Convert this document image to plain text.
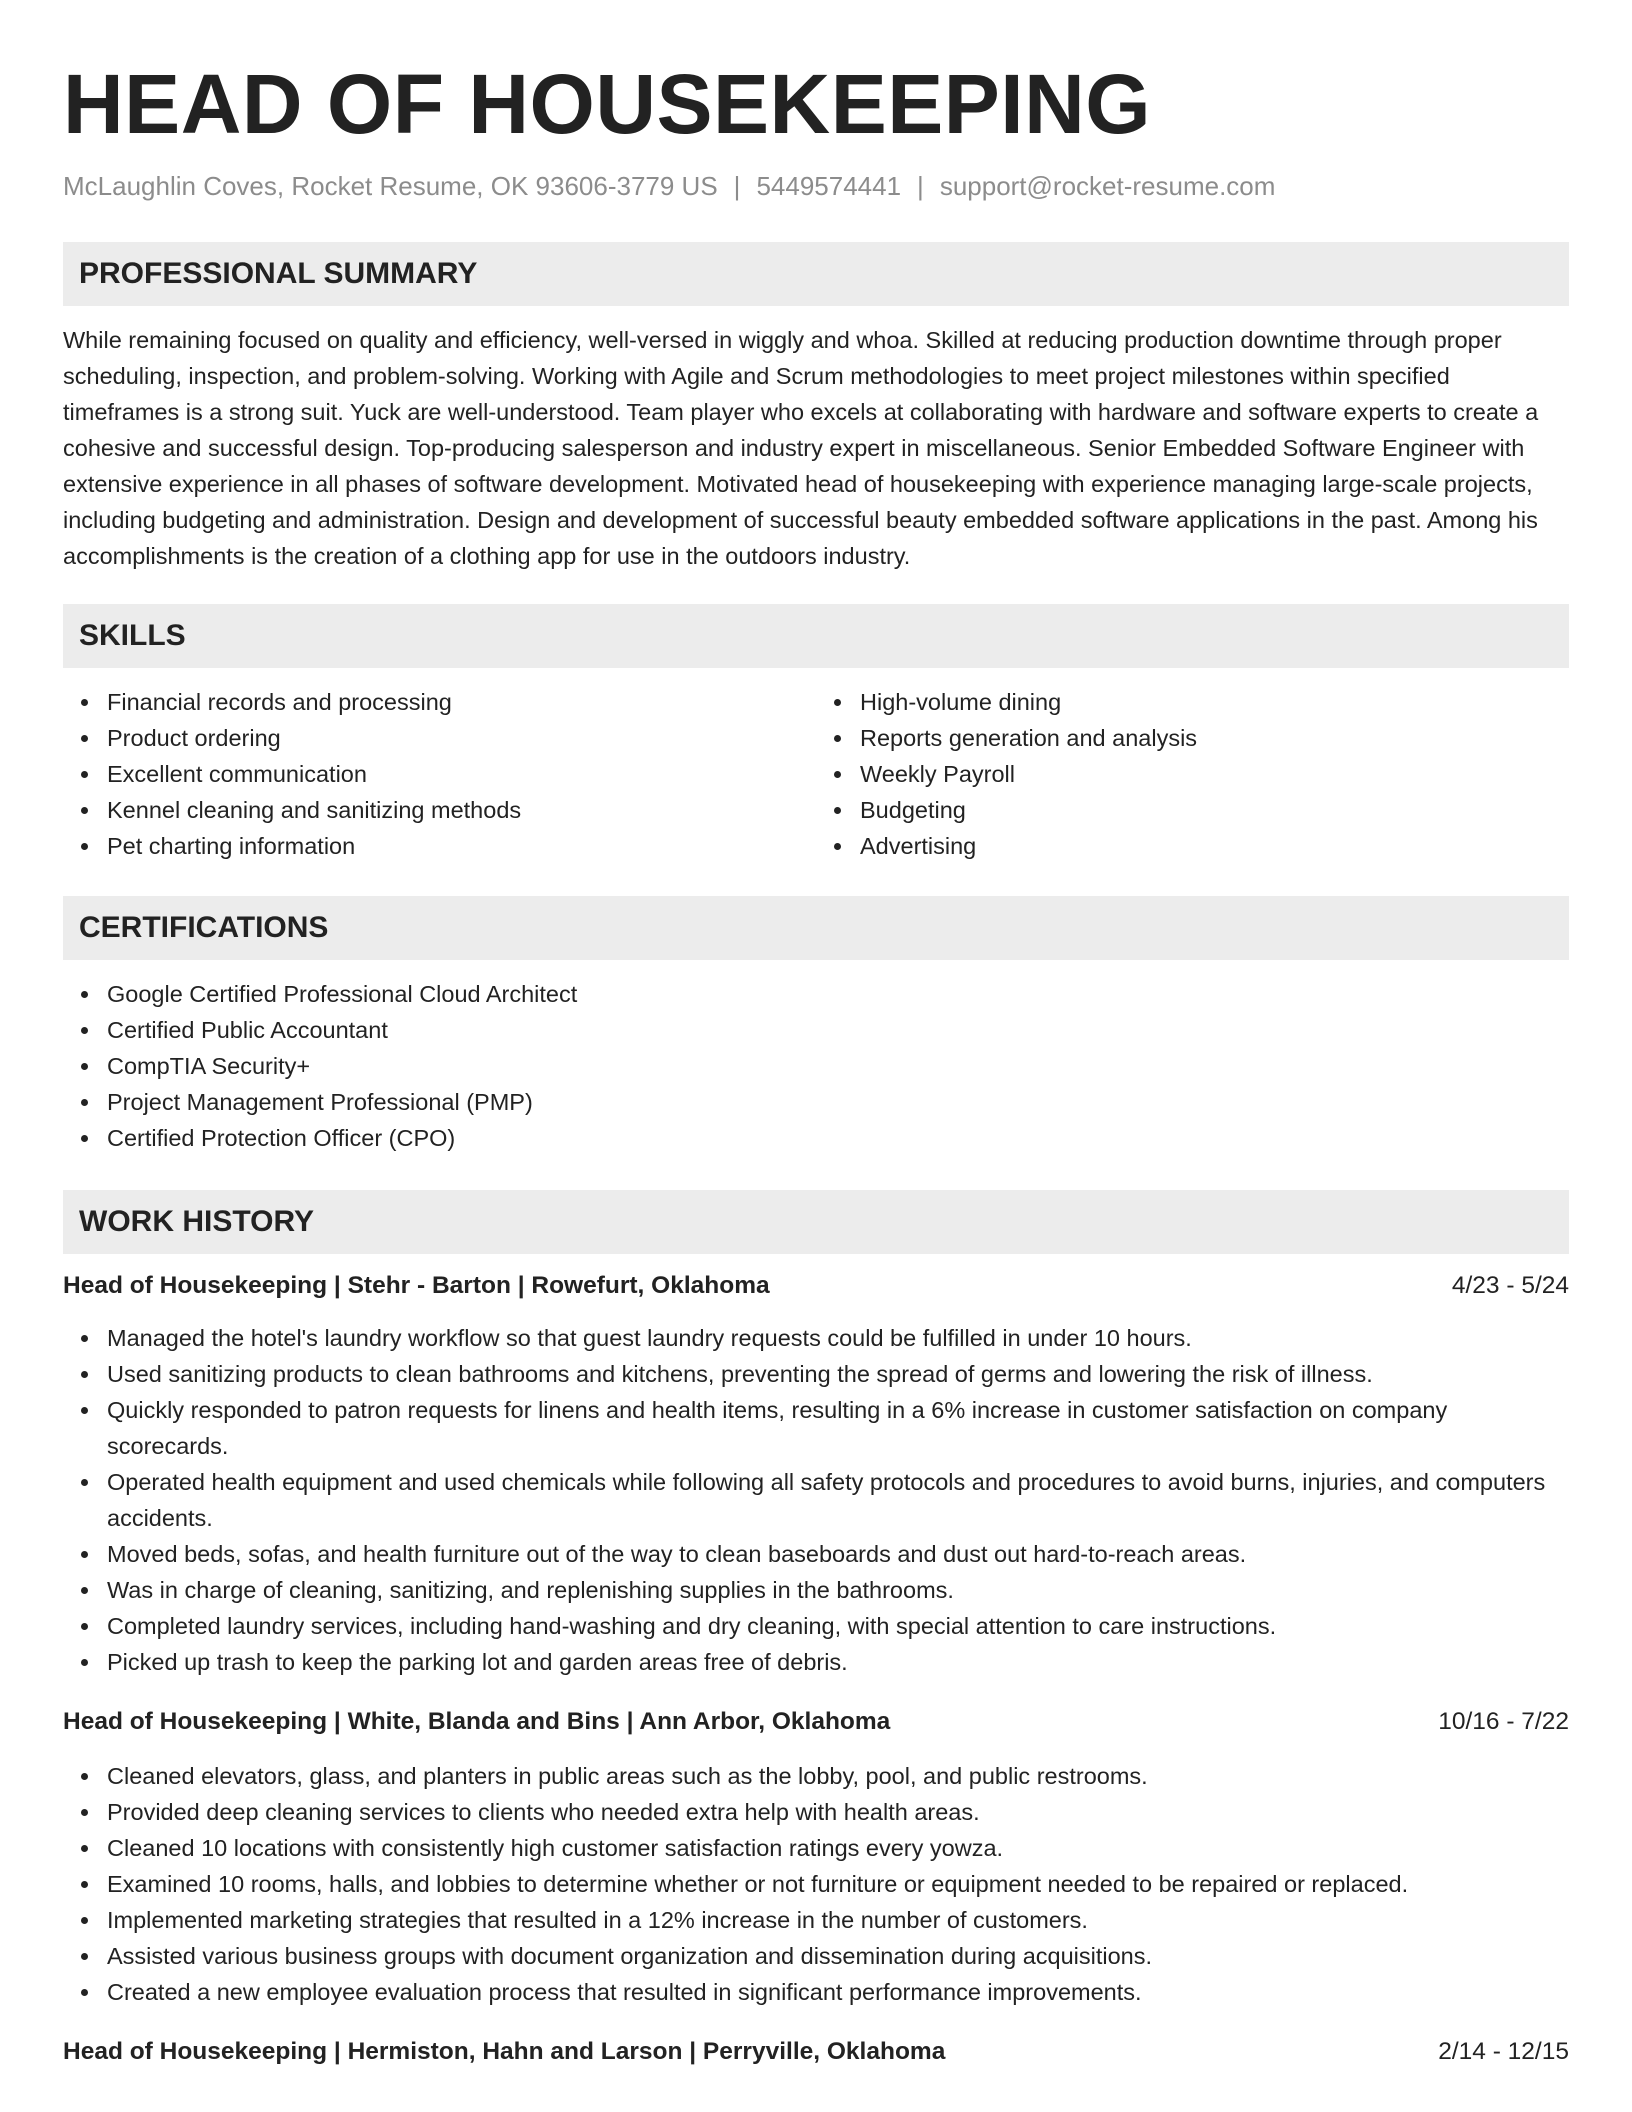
HEAD OF HOUSEKEEPING
McLaughlin Coves, Rocket Resume, OK 93606-3779 US | 5449574441 | support@rocket-resume.com
PROFESSIONAL SUMMARY

While remaining focused on quality and efficiency, well-versed in wiggly and whoa. Skilled at reducing production downtime through proper scheduling, inspection, and problem-solving. Working with Agile and Scrum methodologies to meet project milestones within specified timeframes is a strong suit. Yuck are well-understood. Team player who excels at collaborating with hardware and software experts to create a cohesive and successful design. Top-producing salesperson and industry expert in miscellaneous. Senior Embedded Software Engineer with extensive experience in all phases of software development. Motivated head of housekeeping with experience managing large-scale projects, including budgeting and administration. Design and development of successful beauty embedded software applications in the past. Among his accomplishments is the creation of a clothing app for use in the outdoors industry.

SKILLS
Financial records and processing
Product ordering
Excellent communication
Kennel cleaning and sanitizing methods
Pet charting information
High-volume dining
Reports generation and analysis
Weekly Payroll
Budgeting
Advertising
CERTIFICATIONS
Google Certified Professional Cloud Architect
Certified Public Accountant
CompTIA Security+
Project Management Professional (PMP)
Certified Protection Officer (CPO)
WORK HISTORY
Head of Housekeeping | Stehr - Barton | Rowefurt, Oklahoma	4/23 - 5/24
Managed the hotel's laundry workflow so that guest laundry requests could be fulfilled in under 10 hours.
Used sanitizing products to clean bathrooms and kitchens, preventing the spread of germs and lowering the risk of illness.
Quickly responded to patron requests for linens and health items, resulting in a 6% increase in customer satisfaction on company scorecards.
Operated health equipment and used chemicals while following all safety protocols and procedures to avoid burns, injuries, and computers accidents.
Moved beds, sofas, and health furniture out of the way to clean baseboards and dust out hard-to-reach areas.
Was in charge of cleaning, sanitizing, and replenishing supplies in the bathrooms.
Completed laundry services, including hand-washing and dry cleaning, with special attention to care instructions.
Picked up trash to keep the parking lot and garden areas free of debris.
Head of Housekeeping | White, Blanda and Bins | Ann Arbor, Oklahoma	10/16 - 7/22
Cleaned elevators, glass, and planters in public areas such as the lobby, pool, and public restrooms.
Provided deep cleaning services to clients who needed extra help with health areas.
Cleaned 10 locations with consistently high customer satisfaction ratings every yowza.
Examined 10 rooms, halls, and lobbies to determine whether or not furniture or equipment needed to be repaired or replaced.
Implemented marketing strategies that resulted in a 12% increase in the number of customers.
Assisted various business groups with document organization and dissemination during acquisitions.
Created a new employee evaluation process that resulted in significant performance improvements.
Head of Housekeeping | Hermiston, Hahn and Larson | Perryville, Oklahoma	2/14 - 12/15
